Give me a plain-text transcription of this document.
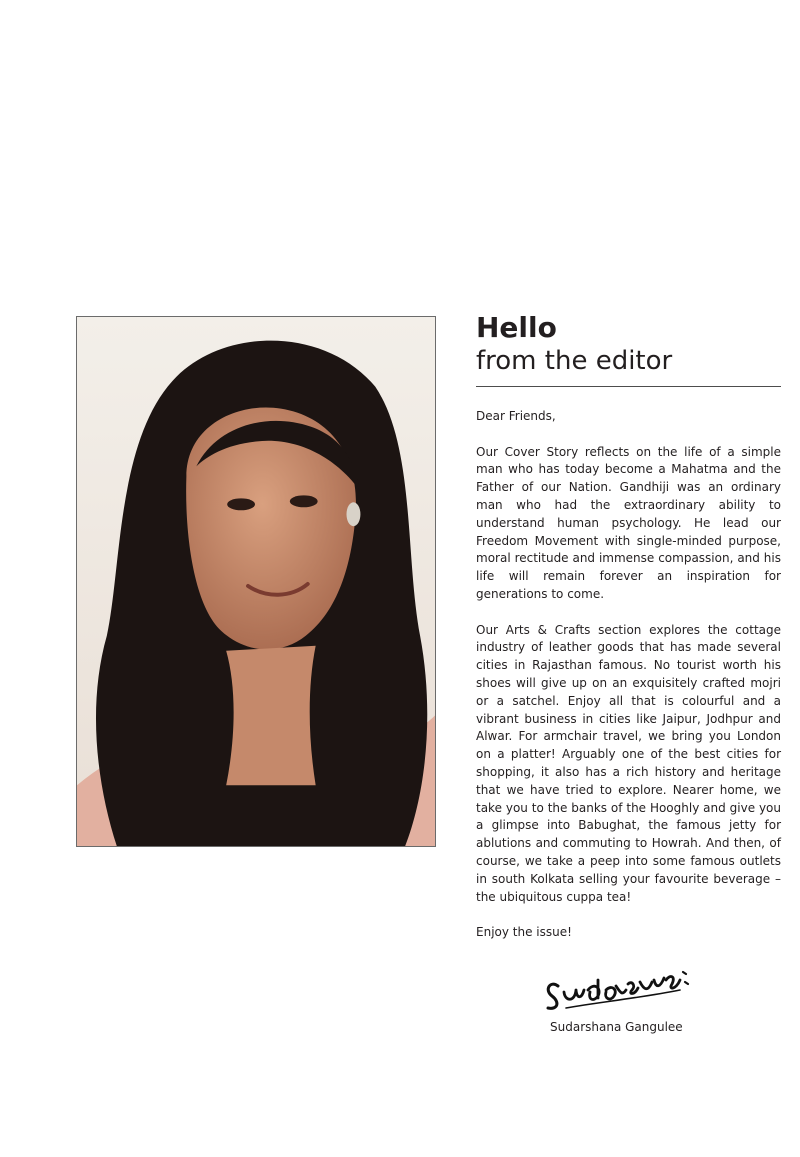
Hello
from the editor

Dear Friends,

Our Cover Story reflects on the life of a simple man who has today become a Mahatma and the Father of our Nation. Gandhiji was an ordinary man who had the extraordinary ability to understand human psychology. He lead our Freedom Movement with single-minded purpose, moral rectitude and immense compassion, and his life will remain forever an inspiration for generations to come.

Our Arts & Crafts section explores the cottage industry of leather goods that has made several cities in Rajasthan famous. No tourist worth his shoes will give up on an exquisitely crafted mojri or a satchel. Enjoy all that is colourful and a vibrant business in cities like Jaipur, Jodhpur and Alwar. For armchair travel, we bring you London on a platter! Arguably one of the best cities for shopping, it also has a rich history and heritage that we have tried to explore. Nearer home, we take you to the banks of the Hooghly and give you a glimpse into Babughat, the famous jetty for ablutions and commuting to Howrah. And then, of course, we take a peep into some famous outlets in south Kolkata selling your favourite beverage – the ubiquitous cuppa tea!

Enjoy the issue!

Sudarshana Gangulee
